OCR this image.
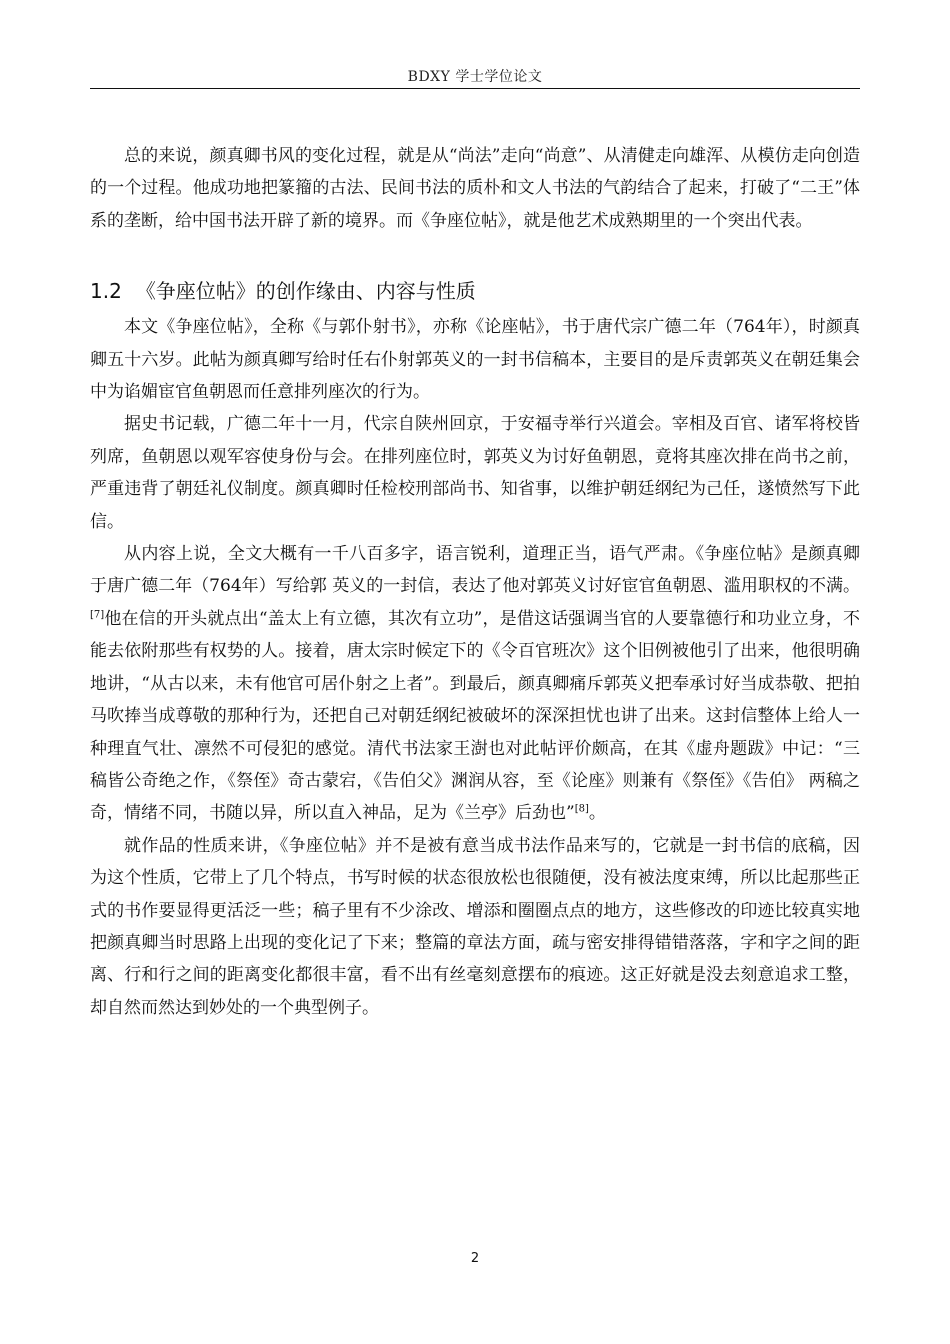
BDXY 学士学位论文

总的来说，颜真卿书风的变化过程，就是从“尚法”走向“尚意”、从清健走向雄浑、从模仿走向创造的一个过程。他成功地把篆籀的古法、民间书法的质朴和文人书法的气韵结合了起来，打破了“二王”体系的垄断，给中国书法开辟了新的境界。而《争座位帖》，就是他艺术成熟期里的一个突出代表。

1.2 《争座位帖》的创作缘由、内容与性质

本文《争座位帖》，全称《与郭仆射书》，亦称《论座帖》，书于唐代宗广德二年（764年），时颜真卿五十六岁。此帖为颜真卿写给时任右仆射郭英义的一封书信稿本，主要目的是斥责郭英义在朝廷集会中为谄媚宦官鱼朝恩而任意排列座次的行为。

据史书记载，广德二年十一月，代宗自陕州回京，于安福寺举行兴道会。宰相及百官、诸军将校皆列席，鱼朝恩以观军容使身份与会。在排列座位时，郭英义为讨好鱼朝恩，竟将其座次排在尚书之前，严重违背了朝廷礼仪制度。颜真卿时任检校刑部尚书、知省事，以维护朝廷纲纪为己任，遂愤然写下此信。

从内容上说，全文大概有一千八百多字，语言锐利，道理正当，语气严肃。《争座位帖》是颜真卿于唐广德二年（764年）写给郭 英义的一封信，表达了他对郭英义讨好宦官鱼朝恩、滥用职权的不满。[7]他在信的开头就点出“盖太上有立德，其次有立功”，是借这话强调当官的人要靠德行和功业立身，不能去依附那些有权势的人。接着，唐太宗时候定下的《令百官班次》这个旧例被他引了出来，他很明确地讲，“从古以来，未有他官可居仆射之上者”。到最后，颜真卿痛斥郭英义把奉承讨好当成恭敬、把拍马吹捧当成尊敬的那种行为，还把自己对朝廷纲纪被破坏的深深担忧也讲了出来。这封信整体上给人一种理直气壮、凛然不可侵犯的感觉。清代书法家王澍也对此帖评价颇高，在其《虚舟题跋》中记：“三稿皆公奇绝之作，《祭侄》奇古蒙宕，《告伯父》渊润从容，至《论座》则兼有《祭侄》《告伯》 两稿之奇，情绪不同，书随以异，所以直入神品，足为《兰亭》后劲也”[8]。

就作品的性质来讲，《争座位帖》并不是被有意当成书法作品来写的，它就是一封书信的底稿，因为这个性质，它带上了几个特点，书写时候的状态很放松也很随便，没有被法度束缚，所以比起那些正式的书作要显得更活泛一些；稿子里有不少涂改、增添和圈圈点点的地方，这些修改的印迹比较真实地把颜真卿当时思路上出现的变化记了下来；整篇的章法方面，疏与密安排得错错落落，字和字之间的距离、行和行之间的距离变化都很丰富，看不出有丝毫刻意摆布的痕迹。这正好就是没去刻意追求工整，却自然而然达到妙处的一个典型例子。

2
